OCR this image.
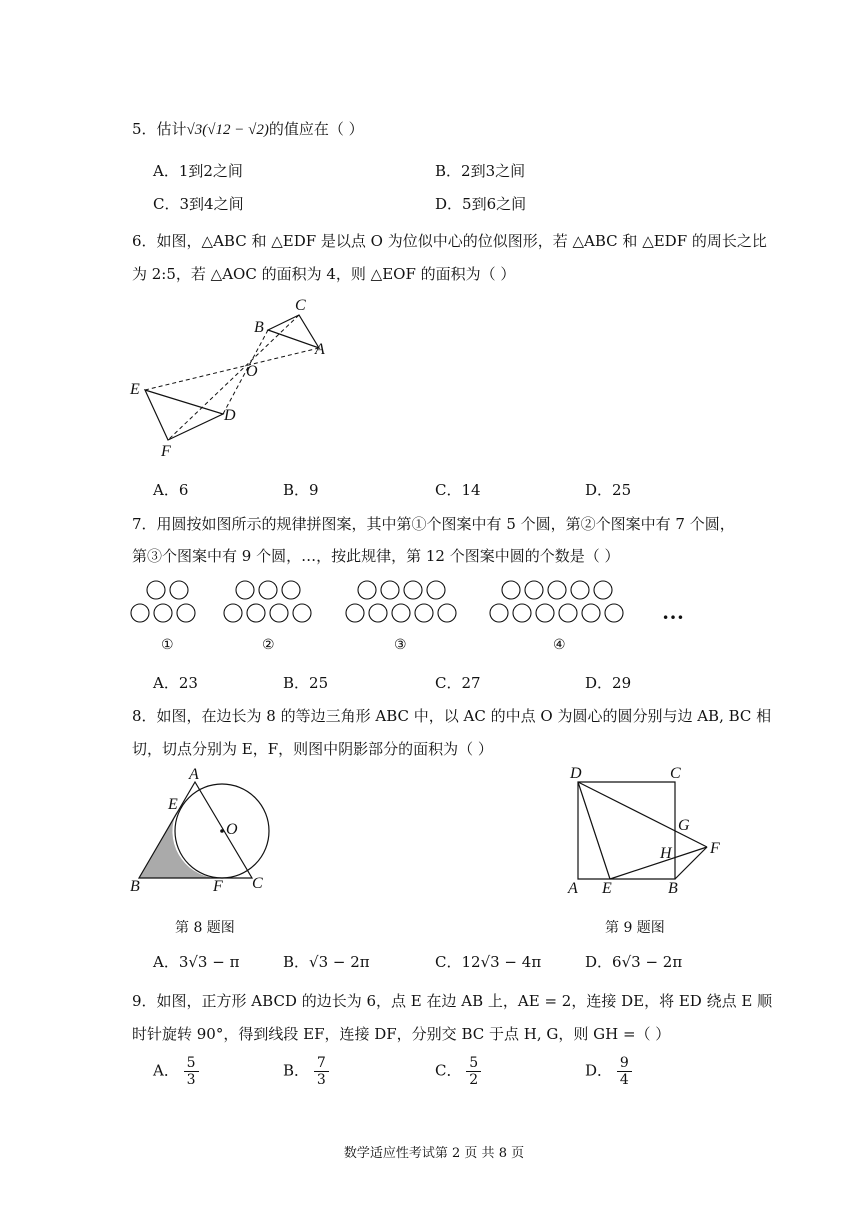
5．估计√3(√12 − √2)的值应在（ ）
A．1到2之间	B．2到3之间
C．3到4之间	D．5到6之间
6．如图，△ABC 和 △EDF 是以点 O 为位似中心的位似图形，若 △ABC 和 △EDF 的周长之比
为 2:5，若 △AOC 的面积为 4，则 △EOF 的面积为（ ）
C
B
A
O
E
D
F
A．6	B．9	C．14	D．25
7．用圆按如图所示的规律拼图案，其中第①个图案中有 5 个圆，第②个图案中有 7 个圆，
第③个图案中有 9 个圆，…，按此规律，第 12 个图案中圆的个数是（ ）
…
①	②	③	④
A．23	B．25	C．27	D．29
8．如图，在边长为 8 的等边三角形 ABC 中，以 AC 的中点 O 为圆心的圆分别与边 AB, BC 相
切，切点分别为 E，F，则图中阴影部分的面积为（ ）
A
E
O
B	F C
第 8 题图
D	C
G
H F
A E	B
第 9 题图
A．3√3 − π	B．√3 − 2π	C．12√3 − 4π	D．6√3 − 2π
9．如图，正方形 ABCD 的边长为 6，点 E 在边 AB 上，AE = 2，连接 DE，将 ED 绕点 E 顺
时针旋转 90°，得到线段 EF，连接 DF，分别交 BC 于点 H, G，则 GH =（ ）
A． $\frac{5}{3}$	B． $\frac{7}{3}$	C． $\frac{5}{2}$	D． $\frac{9}{4}$
数学适应性考试第 2 页 共 8 页
